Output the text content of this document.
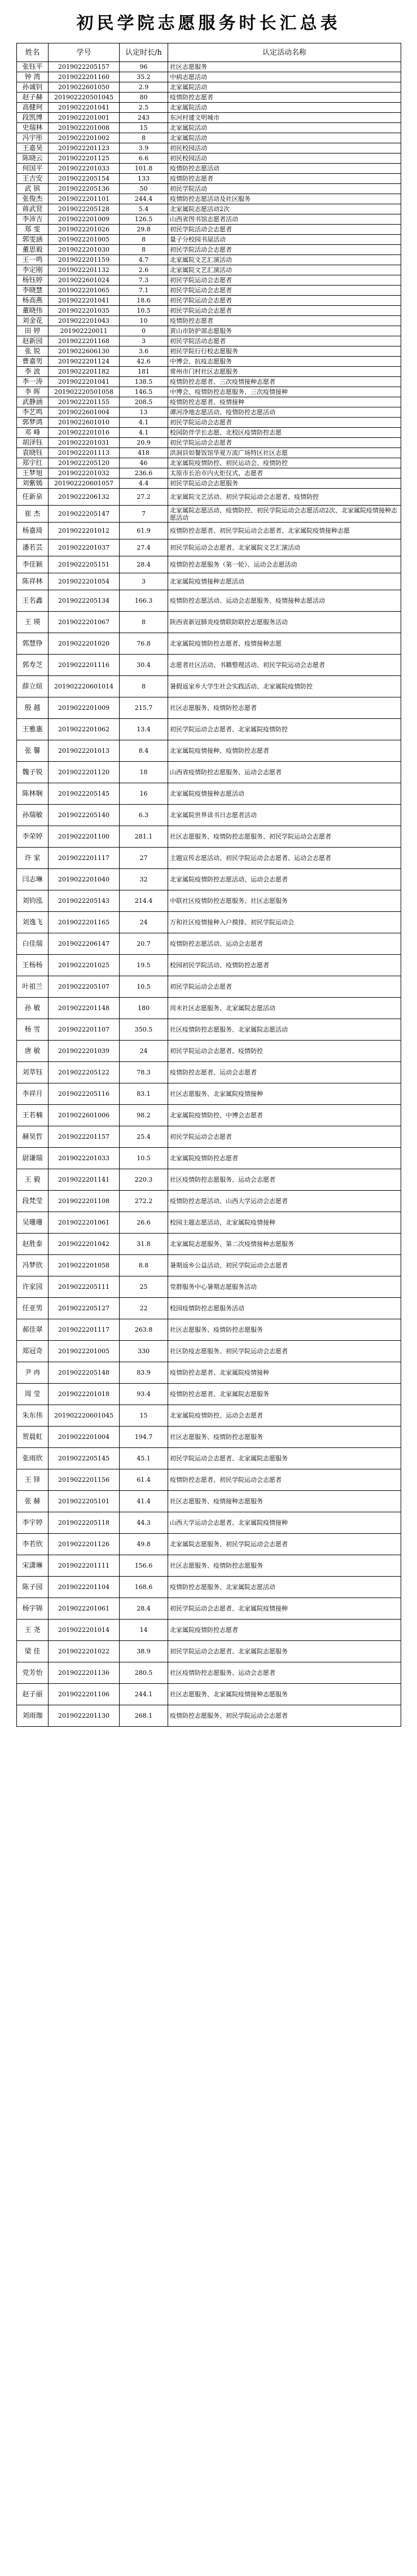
初民学院志愿服务时长汇总表
姓名	学号	认定时长/h	认定活动名称
张钰平	2019022205157	96	社区志愿服务
钟 湾	2019022201160	35.2	中病志愿活动
孙诚钊	2019022601050	2.9	北家属院活动
赵子赫	201902220501045	80	疫情防控志愿者
高健珂	2019022201041	2.5	北家属院活动
段凯博	2019022201001	243	东河村建文明城市
史瑞林	2019022201008	15	北家属院活动
冯宇彤	2019022201002	8	北家属院活动
王嘉昊	2019022201123	3.9	初民校园活动
陈晓云	2019022201125	6.6	初民校园活动
何国平	2019022201033	101.8	疫情防控志愿活动
王吉安	2019022205154	133	疫情防控志愿者
武 镔	2019022205136	50	初民学院活动
张俊杰	2019022201101	244.4	疫情防控志愿活动及社区服务
蒋武贤	2019022205128	5.4	北家属院志愿活动2次
李沛吉	2019022201009	126.5	山西省图书馆志愿者活动
郑 雯	2019022201026	29.8	初民学院活动会志愿者
郭雯涵	2019022201005	8	量子分校园书屋活动
董思毅	2019022201030	8	初民学院活动会志愿者
王一鸣	2019022201159	4.7	北家属院文艺汇演活动
李定刚	2019022201132	2.6	北家属院文艺汇演活动
杨钰婷	2019022601024	7.3	初民学院运动会志愿者
李晓慧	2019022201065	7.1	初民学院运动会志愿者
杨高燕	2019022201041	18.6	初民学院运动会志愿者
董晓伟	2019022201035	10.5	初民学院运动会志愿者
刘金花	2019022201043	10	疫情防控志愿者
田 婷	201902220011	0	黄山市防护部志愿服务
赵新园	2019022201168	3	初民学院活动志愿者
张 锐	2019022606130	3.6	初民学院行行校志愿服务
曹嘉男	2019022201124	42.6	中博会、抗疫志愿服务
李 波	2019022201182	181	常州市门村社区志愿服务
李一涛	2019022201041	138.5	疫情防控志愿者、三次疫情接种志愿者
李 晖	201902220501058	146.5	中博会、疫情防控志愿服务、三次疫情接种
武静涵	2019022201155	208.5	疫情防控志愿者、疫情接种
李艺鸣	2019022601004	13	谭河净地志愿活动、疫情防控志愿活动
郭梦鸿	2019022601010	4.1	初民学院运动会志愿者
邓 峰	2019022201016	4.1	校园防伴学长志愿、北校区疫情防控志愿
胡泽钰	2019022201031	20.9	初民学院运动会志愿者
袁晓钰	2019022201113	418	洪洞县如餐饭馆华夏万流广场特区社区志愿
郑宇红	2019022205120	46	北家属院疫情防控、初民运动会、疫情防控
王梦旭	2019022201032	236.6	太原市长治市内火炬仪式、志愿者
刘紫嫣	201902220601057	4.4	初民学院运动会志愿服务
任新泉	2019022206132	27.2	北家属院文艺活动、初民学院运动会志愿者、疫情防控
崔 杰	2019022205147	7	北家属院志愿活动、疫情防控、初民学院运动会志愿活动2次、北家属院疫情接种志愿活动
杨嘉琦	2019022201012	61.9	疫情防控志愿者、初民学院运动会志愿者、北家属院疫情接种志愿
潘若芸	2019022201037	27.4	初民学院运动会志愿者、北家属院文艺汇演活动
李佳颖	2019022205151	28.4	疫情防控志愿服务（第一轮）、运动会志愿活动
陈祥林	2019022201054	3	北家属院疫情接种志愿活动
王名鑫	2019022205134	166.3	疫情防控志愿活动、运动会志愿服务、疫情接种志愿活动
王 瑛	2019022201067	8	陕西省新冠肺炎疫情联防联控志愿服务活动
郭慧铮	2019022201020	76.8	北家属院疫情防控志愿者、疫情接种志愿
郭寿芝	2019022201116	30.4	志愿者社区活动、书籍整理活动、初民学院运动会志愿者
薛立煊	201902220601014	8	暑假返家乡大学生社会实践活动、北家属院疫情防控
殷 越	2019022201009	215.7	社区志愿服务、疫情防控志愿者
王雅惠	2019022201062	13.4	初民学院运动会志愿者、北家属院疫情防控
张 馨	2019022201013	8.4	北家属院疫情接种、疫情防控志愿者
魏子锐	2019022201120	18	山西省疫情防控志愿服务、运动会志愿者
陈林娴	2019022205145	16	北家属院疫情接种志愿活动
孙瑞敏	2019022205140	6.3	北家属院世界读书日志愿者活动
李荣婷	2019022201100	281.1	社区志愿服务、疫情防控志愿服务、初民学院运动会志愿者
许 家	2019022201117	27	主题宣传志愿活动、初民学院运动会志愿者、运动会志愿者
闫志琳	2019022201040	32	北家属院疫情防控志愿活动、运动会志愿者
刘钧泓	2019022205143	214.4	中联社区疫情防控志愿服务、社区志愿服务
刘逸飞	2019022201165	24	万和社区疫情接种入户摸排、初民学院运动会
白佳瑞	2019022206147	20.7	疫情防控志愿活动、运动会志愿者
王杨杨	2019022201025	19.5	校园初民学院活动、疫情防控志愿者
叶祖兰	2019022205107	10.5	初民学院运动会志愿者
孙 敏	2019022201148	180	周末社区志愿服务、北家属院志愿活动
杨 雪	2019022201107	350.5	社区疫情防控志愿服务、北家属院志愿活动
唐 敏	2019022201039	24	初民学院运动会志愿者、疫情防控
刘萃钰	2019022205122	78.3	疫情防控志愿者、运动会志愿者
李祥月	2019022205116	83.1	社区志愿服务、北家属院疫情接种
王若楠	2019022601006	98.2	北家属院疫情防控、中博会志愿者
赫昊哲	2019022201157	25.4	初民学院运动会志愿者
尉谦瑞	2019022201033	10.5	北家属院疫情防控志愿者
王 毅	2019022201141	220.3	社区疫情防控志愿服务、运动会志愿者
段梵莹	2019022201108	272.2	疫情防控志愿活动、山西大学运动会志愿者
吴珊珊	2019022201061	26.6	校园主题志愿活动、北家属院疫情接种
赵胜泰	2019022201042	31.8	北家属院志愿服务、第二次疫情接种志愿服务
冯梦欣	2019022201058	8.8	暑期返乡公益活动、初民学院运动会志愿者
许家园	2019022205111	25	党群服务中心暑期志愿服务活动
任亚男	2019022205127	22	校园疫情防控志愿服务活动
郝佳翠	2019022201117	263.8	社区志愿服务、疫情防控志愿服务
郑冠奇	2019022201005	330	社区防疫志愿服务、初民学院运动会志愿者
尹 冉	2019022205148	83.9	疫情防控志愿者、北家属院疫情接种
周 莹	2019022201018	93.4	疫情防控志愿者、北家属院志愿服务
朱东伟	201902220601045	15	北家属院疫情防控、运动会志愿者
贺晨虹	2019022201004	194.7	社区志愿服务、疫情防控志愿服务
张雨欣	2019022205145	45.1	初民学院运动会志愿者、北家属院志愿服务
王 铎	2019022201156	61.4	疫情防控志愿者、初民学院运动会志愿者
张 赫	2019022205101	41.4	社区志愿服务、疫情接种志愿服务
李宇婷	2019022205118	44.3	山西大学运动会志愿者、北家属院疫情接种
李若欣	2019022201126	49.8	北家属院志愿服务、初民学院运动会志愿者
宋潇琳	2019022201111	156.6	社区志愿服务、疫情防控志愿服务
陈子园	2019022201104	168.6	疫情防控志愿服务、北家属院志愿活动
杨宇锦	2019022201061	28.4	初民学院运动会志愿者、北家属院疫情接种
王 尧	2019022201014	14	北家属院疫情防控志愿者
梁 佳	2019022201022	38.9	初民学院运动会志愿者、北家属院志愿服务
党芳怡	2019022201136	280.5	社区疫情防控志愿服务、运动会志愿者
赵子丽	2019022201106	244.1	社区志愿服务、北家属院疫情接种志愿服务
刘雨珈	2019022201130	268.1	疫情防控志愿服务、初民学院运动会志愿者
